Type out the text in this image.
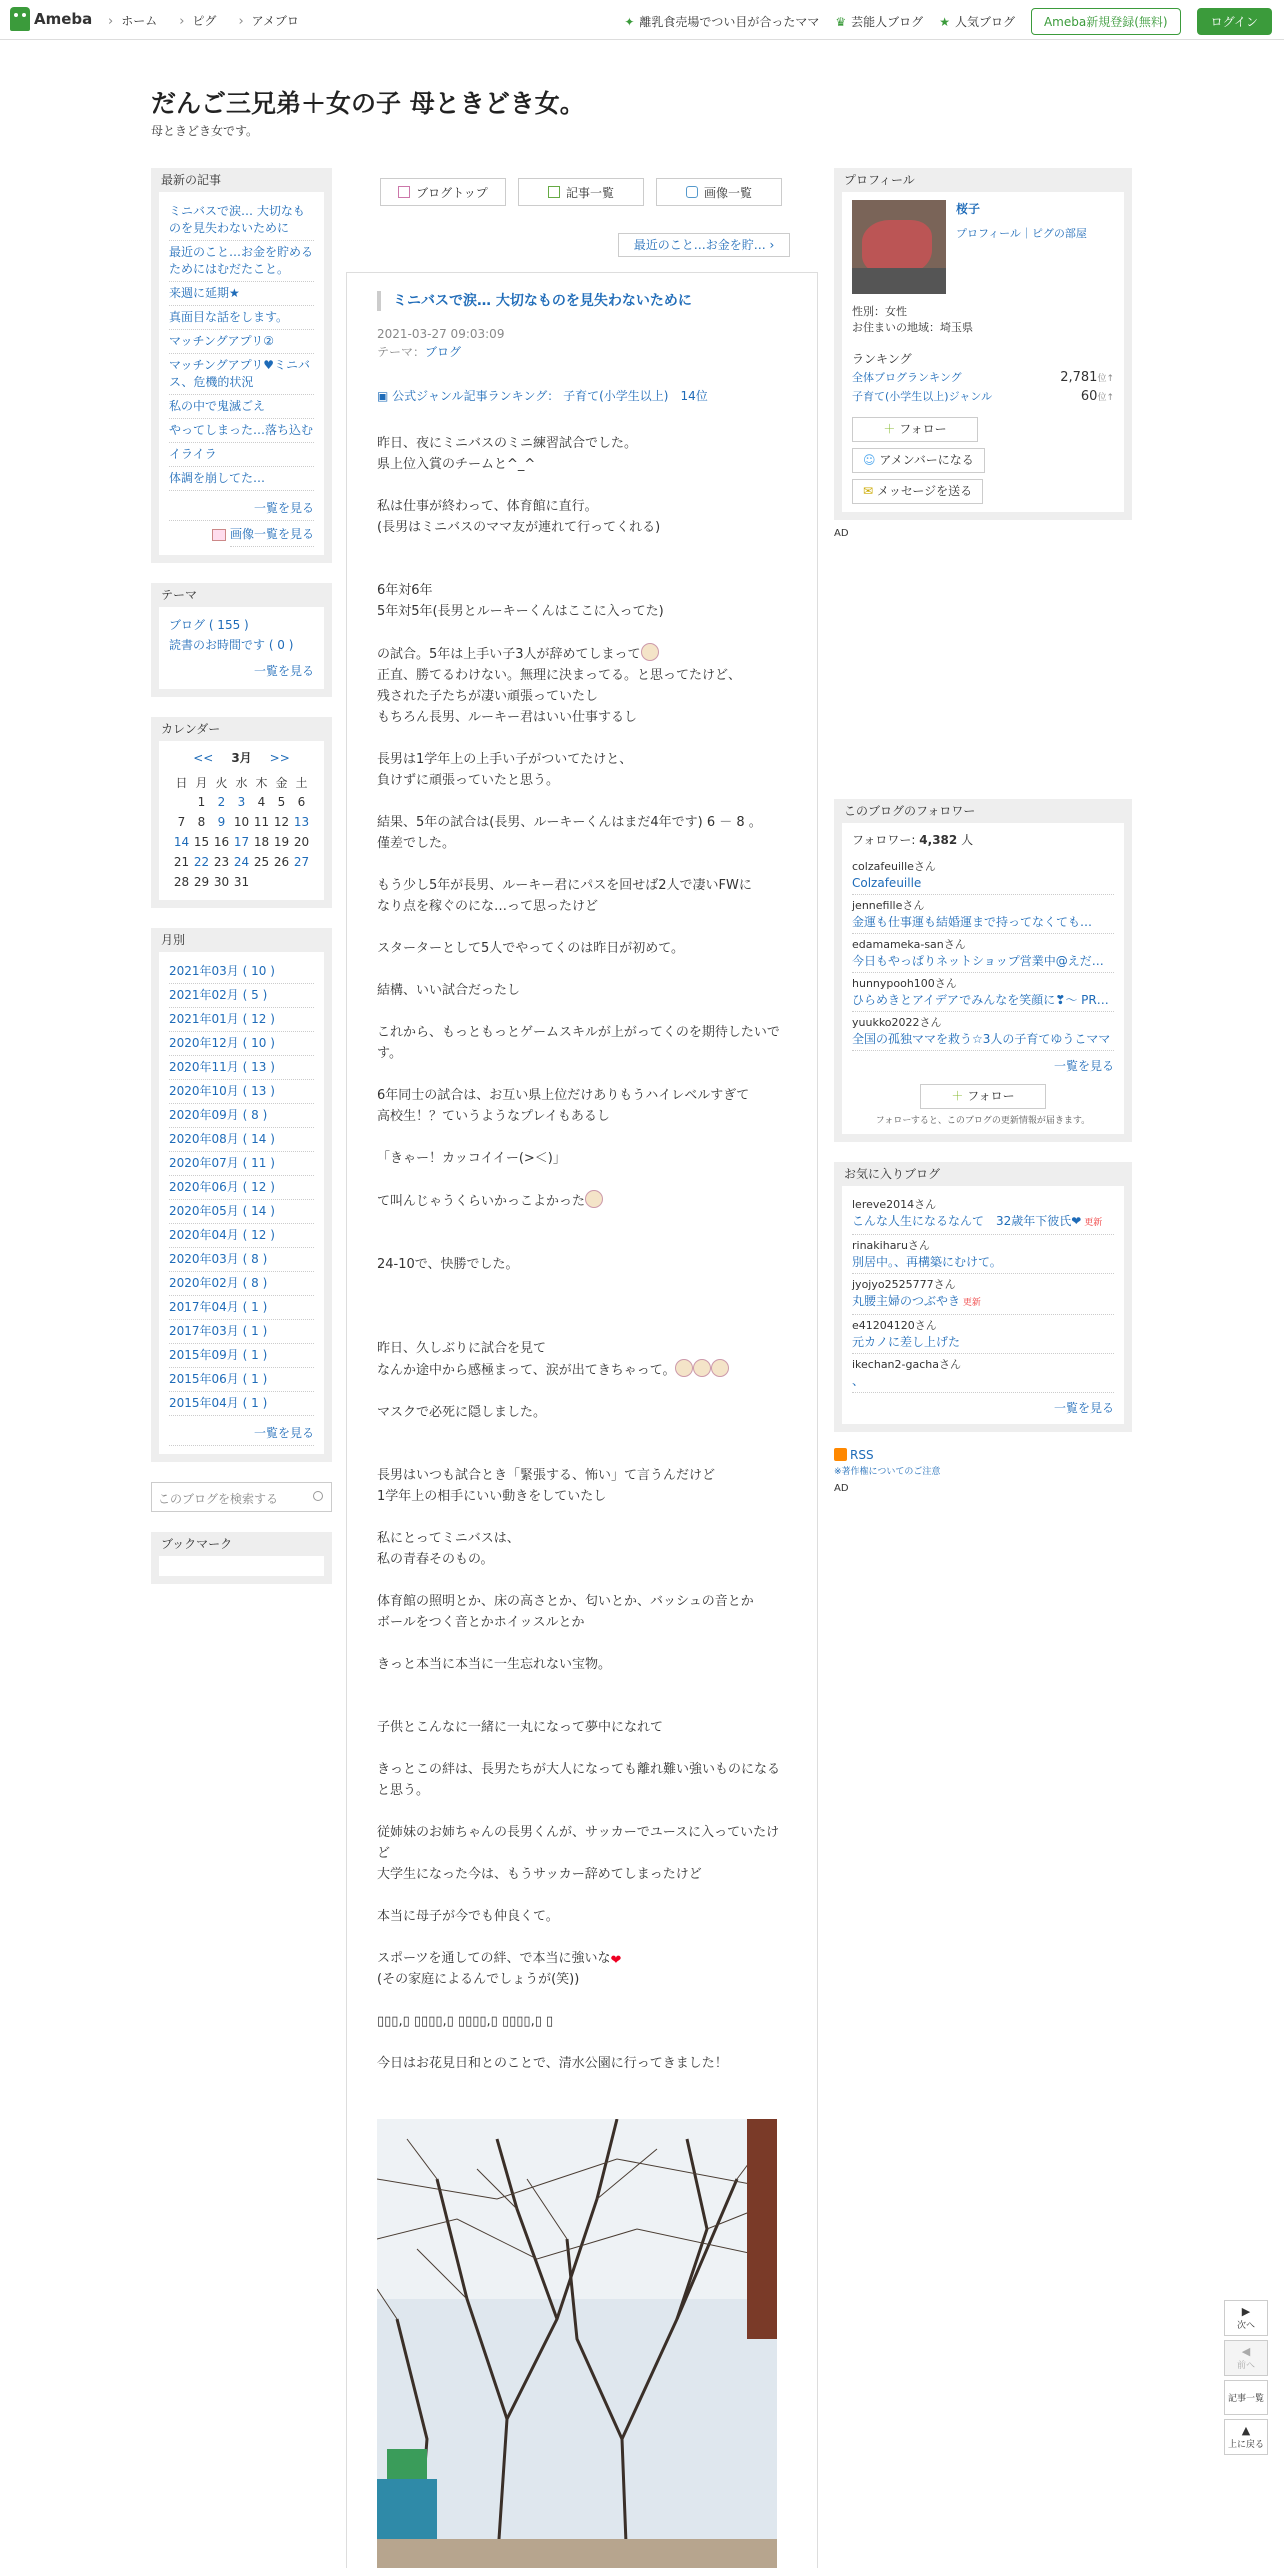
Ameba	› ホーム	› ピグ	› アメブロ	✦ 離乳食売場でつい目が合ったママ ♛ 芸能人ブログ ★ 人気ブログ	Ameba新規登録(無料)	ログイン
だんご三兄弟＋女の子 母ときどき女。
母ときどき女です。
最新の記事
ミニバスで涙… 大切なものを見失わないために
最近のこと…お金を貯めるためにはむだたこと。
来週に延期★
真面目な話をします。
マッチングアプリ②
マッチングアプリ♥ミニバス、危機的状況
私の中で鬼滅ごえ
やってしまった…落ち込む
イライラ
体調を崩してた…
一覧を見る
画像一覧を見る
テーマ
ブログ ( 155 )
読書のお時間です ( 0 )
一覧を見る
カレンダー
<< 3月 >>
日	月	火	水	木	金	土
	1	2	3	4	5	6
7	8	9	10	11	12	13
14	15	16	17	18	19	20
21	22	23	24	25	26	27
28	29	30	31			
月別
2021年03月 ( 10 )
2021年02月 ( 5 )
2021年01月 ( 12 )
2020年12月 ( 10 )
2020年11月 ( 13 )
2020年10月 ( 13 )
2020年09月 ( 8 )
2020年08月 ( 14 )
2020年07月 ( 11 )
2020年06月 ( 12 )
2020年05月 ( 14 )
2020年04月 ( 12 )
2020年03月 ( 8 )
2020年02月 ( 8 )
2017年04月 ( 1 )
2017年03月 ( 1 )
2015年09月 ( 1 )
2015年06月 ( 1 )
2015年04月 ( 1 )
一覧を見る
このブログを検索する
ブックマーク
ブログトップ	記事一覧	画像一覧
最近のこと…お金を貯… ›
ミニバスで涙… 大切なものを見失わないために
2021-03-27 09:03:09
テーマ：ブログ
▣ 公式ジャンル記事ランキング： 子育て(小学生以上)　 14位

昨日、夜にミニバスのミニ練習試合でした。
県上位入賞のチームと^_^

私は仕事が終わって、体育館に直行。
(長男はミニバスのママ友が連れて行ってくれる)

6年対6年
5年対5年(長男とルーキーくんはここに入ってた)

の試合。5年は上手い子3人が辞めてしまって
正直、勝てるわけない。無理に決まってる。と思ってたけど、
残された子たちが凄い頑張っていたし
もちろん長男、ルーキー君はいい仕事するし

長男は1学年上の上手い子がついてたけと、
負けずに頑張っていたと思う。

結果、5年の試合は(長男、ルーキーくんはまだ4年です) 6 － 8 。
僅差でした。

もう少し5年が長男、ルーキー君にパスを回せば2人で凄いFWに
なり点を稼ぐのにな…って思ったけど

スターターとして5人でやってくのは昨日が初めて。

結構、いい試合だったし

これから、もっともっとゲームスキルが上がってくのを期待したいです。

6年同士の試合は、お互い県上位だけありもうハイレベルすぎて
高校生！？ていうようなプレイもあるし

「きゃー！カッコイイー(>＜)」

て叫んじゃうくらいかっこよかった

24-10で、快勝でした。

昨日、久しぶりに試合を見て
なんか途中から感極まって、涙が出てきちゃって。

マスクで必死に隠しました。

長男はいつも試合とき「緊張する、怖い」て言うんだけど
1学年上の相手にいい動きをしていたし

私にとってミニバスは、
私の青春そのもの。

体育館の照明とか、床の高さとか、匂いとか、バッシュの音とか
ボールをつく音とかホイッスルとか

きっと本当に本当に一生忘れない宝物。

子供とこんなに一緒に一丸になって夢中になれて

きっとこの絆は、長男たちが大人になっても離れ難い強いものになると思う。

従姉妹のお姉ちゃんの長男くんが、サッカーでユースに入っていたけど
大学生になった今は、もうサッカー辞めてしまったけど

本当に母子が今でも仲良くて。

スポーツを通しての絆、で本当に強いな❤
(その家庭によるんでしょうが(笑))

▯▯▯,▯ ▯▯▯▯,▯ ▯▯▯▯,▯ ▯▯▯▯,▯ ▯

今日はお花見日和とのことで、清水公園に行ってきました！

プロフィール
桜子
プロフィール｜ピグの部屋
性別：女性
お住まいの地域：埼玉県
ランキング
全体ブログランキング	2,781位↑
子育て(小学生以上)ジャンル	60位↑
＋ フォロー
☺ アメンバーになる
✉ メッセージを送る
AD
このブログのフォロワー
フォロワー: 4,382 人
colzafeuilleさん
Colzafeuille
jennefilleさん
金運も仕事運も結婚運まで持ってなくても…
edamameka-sanさん
今日もやっぱりネットショップ営業中@えだ…
hunnypooh100さん
ひらめきとアイデアでみんなを笑顔に❣〜 PR…
yuukko2022さん
全国の孤独ママを救う☆3人の子育てゆうこママ
一覧を見る
＋ フォロー
フォローすると、このブログの更新情報が届きます。
お気に入りブログ
lereve2014さん
こんな人生になるなんて　32歳年下彼氏❤ 更新
rinakiharuさん
別居中。、再構築にむけて。
jyojyo2525777さん
丸腰主婦のつぶやき 更新
e41204120さん
元カノに差し上げた
ikechan2-gachaさん
、
一覧を見る
RSS
※著作権についてのご注意
AD
▶
次へ
◀
前へ
記事一覧
▲
上に戻る
